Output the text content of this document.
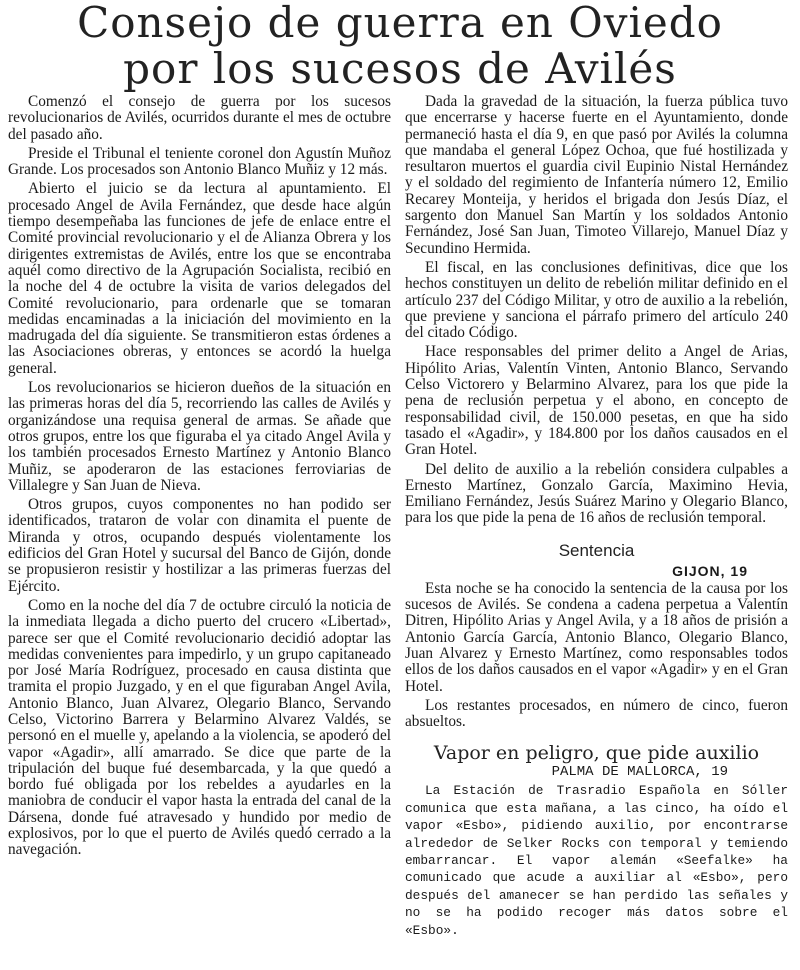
Consejo de guerra en Oviedo
por los sucesos de Avilés

Comenzó el consejo de guerra por los sucesos revolucionarios de Avilés, ocurridos durante el mes de octubre del pasado año.

Preside el Tribunal el teniente coronel don Agustín Muñoz Grande. Los procesados son Antonio Blanco Muñiz y 12 más.

Abierto el juicio se da lectura al apuntamiento. El procesado Angel de Avila Fernández, que desde hace algún tiempo desempeñaba las funciones de jefe de enlace entre el Comité provincial revolucionario y el de Alianza Obrera y los dirigentes extremistas de Avilés, entre los que se encontraba aquél como directivo de la Agrupación Socialista, recibió en la noche del 4 de octubre la visita de varios delegados del Comité revolucionario, para ordenarle que se tomaran medidas encaminadas a la iniciación del movimiento en la madrugada del día siguiente. Se transmitieron estas órdenes a las Asociaciones obreras, y entonces se acordó la huelga general.

Los revolucionarios se hicieron dueños de la situación en las primeras horas del día 5, recorriendo las calles de Avilés y organizándose una requisa general de armas. Se añade que otros grupos, entre los que figuraba el ya citado Angel Avila y los también procesados Ernesto Martínez y Antonio Blanco Muñiz, se apoderaron de las estaciones ferroviarias de Villalegre y San Juan de Nieva.

Otros grupos, cuyos componentes no han podido ser identificados, trataron de volar con dinamita el puente de Miranda y otros, ocupando después violentamente los edificios del Gran Hotel y sucursal del Banco de Gijón, donde se propusieron resistir y hostilizar a las primeras fuerzas del Ejército.

Como en la noche del día 7 de octubre circuló la noticia de la inmediata llegada a dicho puerto del crucero «Libertad», parece ser que el Comité revolucionario decidió adoptar las medidas convenientes para impedirlo, y un grupo capitaneado por José María Rodríguez, procesado en causa distinta que tramita el propio Juzgado, y en el que figuraban Angel Avila, Antonio Blanco, Juan Alvarez, Olegario Blanco, Servando Celso, Victorino Barrera y Belarmino Alvarez Valdés, se personó en el muelle y, apelando a la violencia, se apoderó del vapor «Agadir», allí amarrado. Se dice que parte de la tripulación del buque fué desembarcada, y la que quedó a bordo fué obligada por los rebeldes a ayudarles en la maniobra de conducir el vapor hasta la entrada del canal de la Dársena, donde fué atravesado y hundido por medio de explosivos, por lo que el puerto de Avilés quedó cerrado a la navegación.

Dada la gravedad de la situación, la fuerza pública tuvo que encerrarse y hacerse fuerte en el Ayuntamiento, donde permaneció hasta el día 9, en que pasó por Avilés la columna que mandaba el general López Ochoa, que fué hostilizada y resultaron muertos el guardia civil Eupinio Nistal Hernández y el soldado del regimiento de Infantería número 12, Emilio Recarey Monteija, y heridos el brigada don Jesús Díaz, el sargento don Manuel San Martín y los soldados Antonio Fernández, José San Juan, Timoteo Villarejo, Manuel Díaz y Secundino Hermida.

El fiscal, en las conclusiones definitivas, dice que los hechos constituyen un delito de rebelión militar definido en el artículo 237 del Código Militar, y otro de auxilio a la rebelión, que previene y sanciona el párrafo primero del artículo 240 del citado Código.

Hace responsables del primer delito a Angel de Arias, Hipólito Arias, Valentín Vinten, Antonio Blanco, Servando Celso Victorero y Belarmino Alvarez, para los que pide la pena de reclusión perpetua y el abono, en concepto de responsabilidad civil, de 150.000 pesetas, en que ha sido tasado el «Agadir», y 184.800 por los daños causados en el Gran Hotel.

Del delito de auxilio a la rebelión considera culpables a Ernesto Martínez, Gonzalo García, Maximino Hevia, Emiliano Fernández, Jesús Suárez Marino y Olegario Blanco, para los que pide la pena de 16 años de reclusión temporal.

Sentencia
GIJON, 19

Esta noche se ha conocido la sentencia de la causa por los sucesos de Avilés. Se condena a cadena perpetua a Valentín Ditren, Hipólito Arias y Angel Avila, y a 18 años de prisión a Antonio García García, Antonio Blanco, Olegario Blanco, Juan Alvarez y Ernesto Martínez, como responsables todos ellos de los daños causados en el vapor «Agadir» y en el Gran Hotel.

Los restantes procesados, en número de cinco, fueron absueltos.

Vapor en peligro, que pide auxilio
PALMA DE MALLORCA, 19

La Estación de Trasradio Española en Sóller comunica que esta mañana, a las cinco, ha oído el vapor «Esbo», pidiendo auxilio, por encontrarse alrededor de Selker Rocks con temporal y temiendo embarrancar. El vapor alemán «Seefalke» ha comunicado que acude a auxiliar al «Esbo», pero después del amanecer se han perdido las señales y no se ha podido recoger más datos sobre el «Esbo».
